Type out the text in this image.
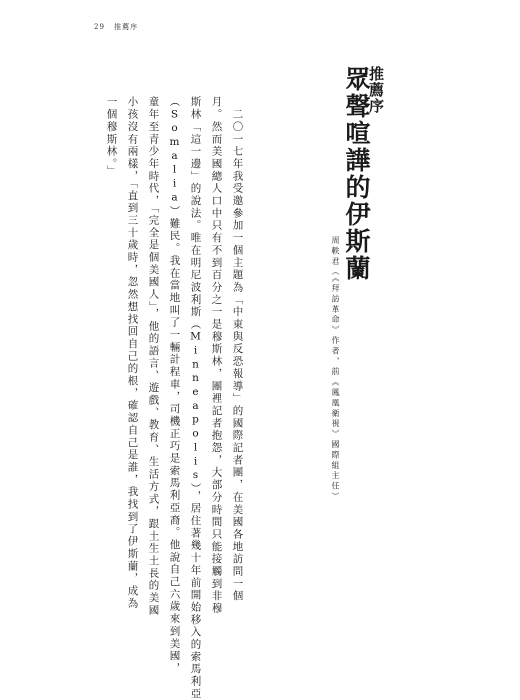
29 推薦序
推薦序
眾聲喧譁的伊斯蘭
周軼君（《拜訪革命》作者，前《鳳凰衛視》國際組主任）
　二〇一七年我受邀參加一個主題為「中東與反恐報導」的國際記者團，在美國各地訪問一個
月。然而美國總人口中只有不到百分之一是穆斯林，團裡記者抱怨，大部分時間只能接觸到非穆
斯林「這一邊」的說法。唯在明尼波利斯（Minneapolis），居住著幾十年前開始移入的索馬利亞
（Somalia）難民。我在當地叫了一輛計程車，司機正巧是索馬利亞裔。他說自己六歲來到美國，
童年至青少年時代，「完全是個美國人」，他的語言、遊戲、教育、生活方式，跟土生土長的美國
小孩沒有兩樣，「直到三十歲時，忽然想找回自己的根，確認自己是誰，我找到了伊斯蘭，成為
一個穆斯林。」
